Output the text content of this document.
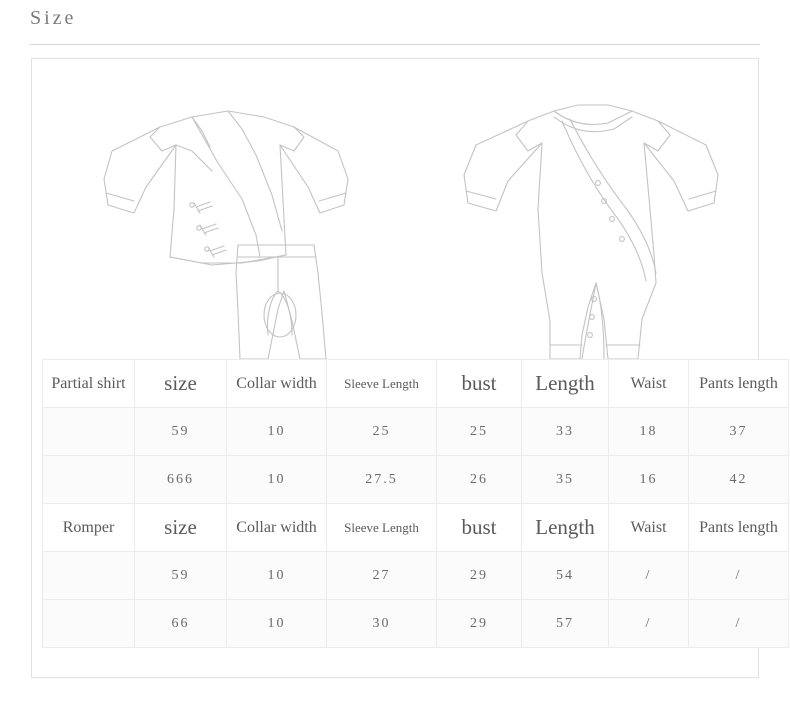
Size
Partial shirt	size	Collar width	Sleeve Length	bust	Length	Waist	Pants length
	59	10	25	25	33	18	37
	666	10	27.5	26	35	16	42
Romper	size	Collar width	Sleeve Length	bust	Length	Waist	Pants length
	59	10	27	29	54	/	/
	66	10	30	29	57	/	/
